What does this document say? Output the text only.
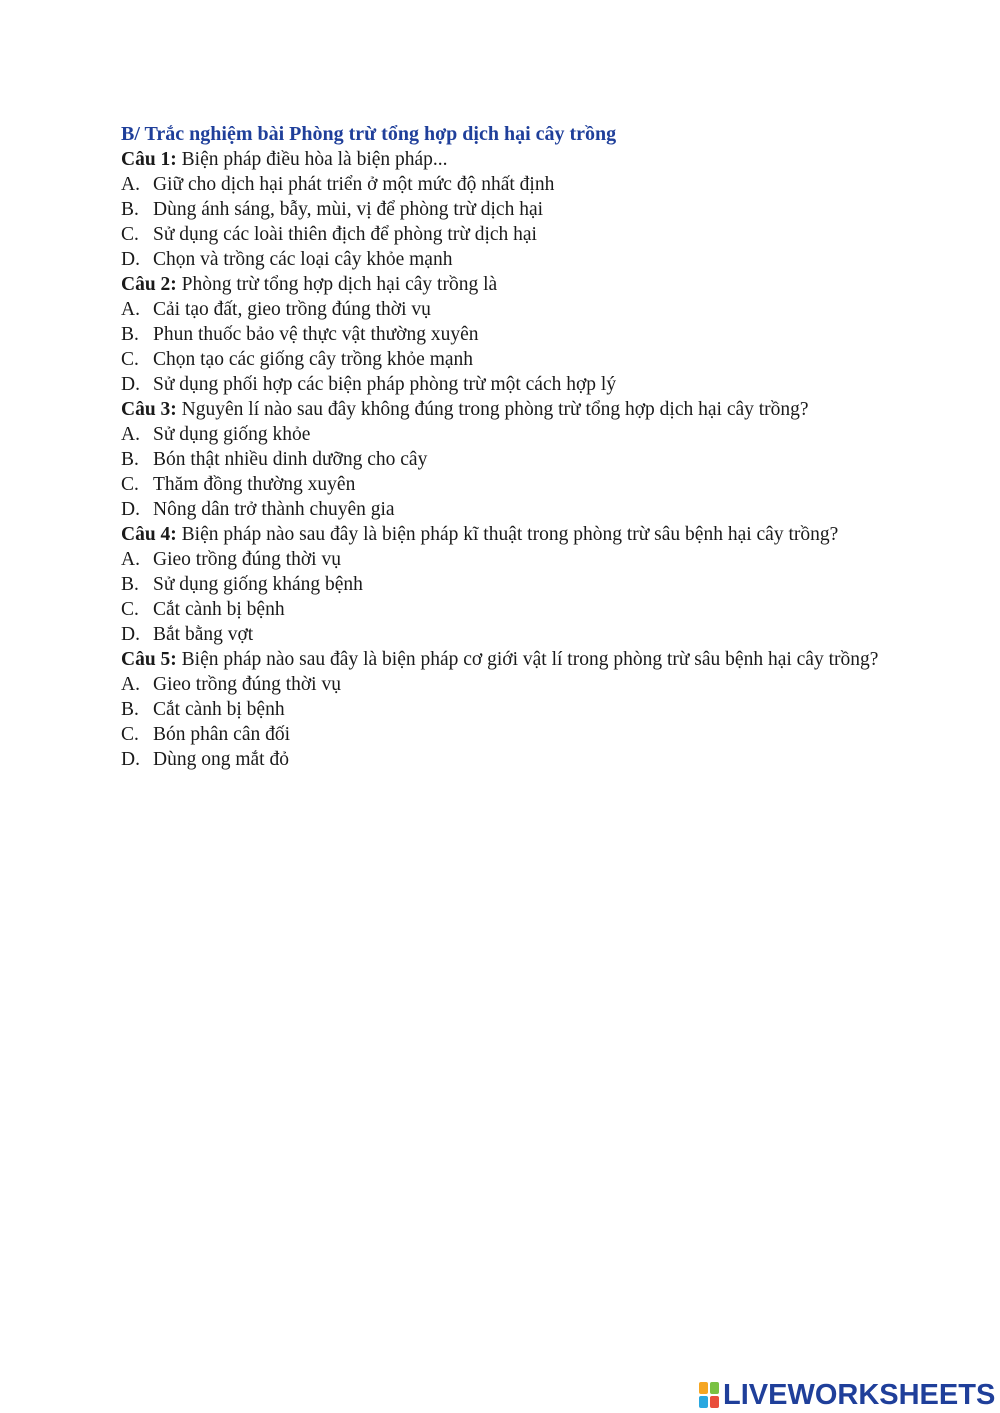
B/ Trắc nghiệm bài Phòng trừ tổng hợp dịch hại cây trồng
Câu 1: Biện pháp điều hòa là biện pháp...
A. Giữ cho dịch hại phát triển ở một mức độ nhất định
B. Dùng ánh sáng, bẫy, mùi, vị để phòng trừ dịch hại
C. Sử dụng các loài thiên địch để phòng trừ dịch hại
D. Chọn và trồng các loại cây khỏe mạnh
Câu 2: Phòng trừ tổng hợp dịch hại cây trồng là
A. Cải tạo đất, gieo trồng đúng thời vụ
B. Phun thuốc bảo vệ thực vật thường xuyên
C. Chọn tạo các giống cây trồng khỏe mạnh
D. Sử dụng phối hợp các biện pháp phòng trừ một cách hợp lý
Câu 3: Nguyên lí nào sau đây không đúng trong phòng trừ tổng hợp dịch hại cây trồng?
A. Sử dụng giống khỏe
B. Bón thật nhiều dinh dưỡng cho cây
C. Thăm đồng thường xuyên
D. Nông dân trở thành chuyên gia
Câu 4: Biện pháp nào sau đây là biện pháp kĩ thuật trong phòng trừ sâu bệnh hại cây trồng?
A. Gieo trồng đúng thời vụ
B. Sử dụng giống kháng bệnh
C. Cắt cành bị bệnh
D. Bắt bằng vợt
Câu 5: Biện pháp nào sau đây là biện pháp cơ giới vật lí trong phòng trừ sâu bệnh hại cây trồng?
A. Gieo trồng đúng thời vụ
B. Cắt cành bị bệnh
C. Bón phân cân đối
D. Dùng ong mắt đỏ
LIVEWORKSHEETS
